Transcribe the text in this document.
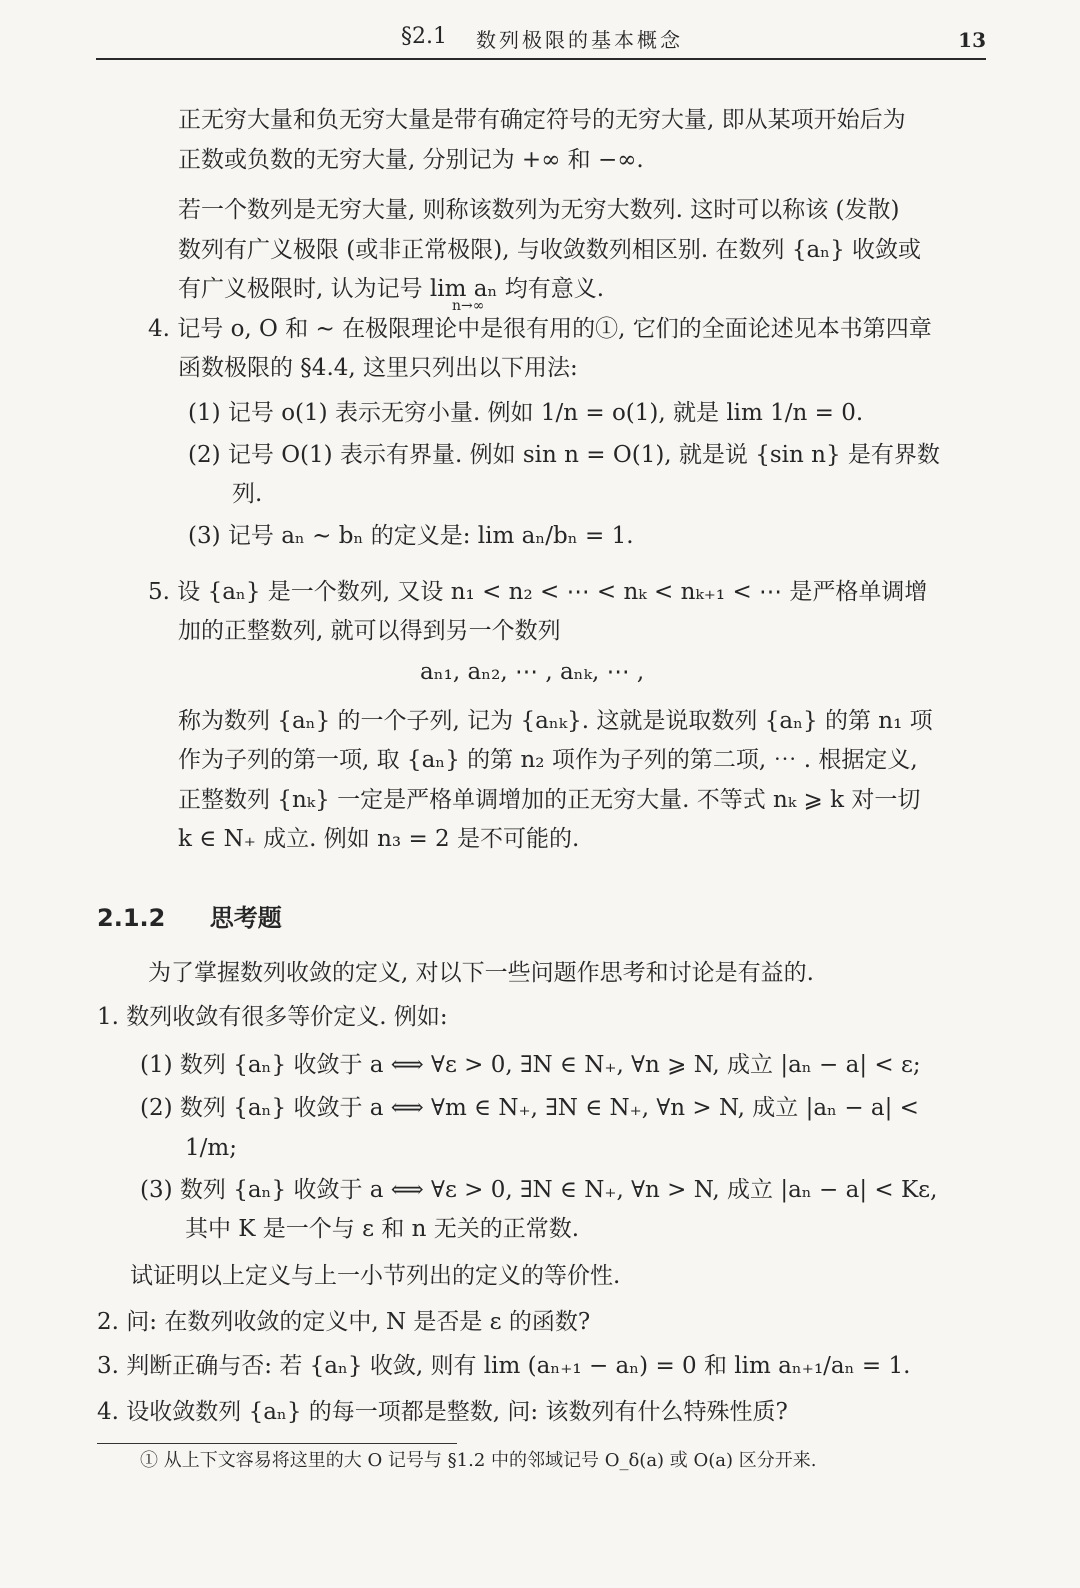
§2.1 数列极限的基本概念	13
正无穷大量和负无穷大量是带有确定符号的无穷大量, 即从某项开始后为
正数或负数的无穷大量, 分别记为 +∞ 和 −∞.
若一个数列是无穷大量, 则称该数列为无穷大数列. 这时可以称该 (发散)
数列有广义极限 (或非正常极限), 与收敛数列相区别. 在数列 {aₙ} 收敛或
有广义极限时, 认为记号 lim aₙ 均有意义.
n→∞
4. 记号 o, O 和 ∼ 在极限理论中是很有用的①, 它们的全面论述见本书第四章
函数极限的 §4.4, 这里只列出以下用法:
(1) 记号 o(1) 表示无穷小量. 例如 1/n = o(1), 就是 lim 1/n = 0.
(2) 记号 O(1) 表示有界量. 例如 sin n = O(1), 就是说 {sin n} 是有界数
列.
(3) 记号 aₙ ∼ bₙ 的定义是: lim aₙ/bₙ = 1.
5. 设 {aₙ} 是一个数列, 又设 n₁ < n₂ < ⋯ < nₖ < nₖ₊₁ < ⋯ 是严格单调增
加的正整数列, 就可以得到另一个数列
aₙ₁, aₙ₂, ⋯ , aₙₖ, ⋯ ,
称为数列 {aₙ} 的一个子列, 记为 {aₙₖ}. 这就是说取数列 {aₙ} 的第 n₁ 项
作为子列的第一项, 取 {aₙ} 的第 n₂ 项作为子列的第二项, ⋯ . 根据定义,
正整数列 {nₖ} 一定是严格单调增加的正无穷大量. 不等式 nₖ ⩾ k 对一切
k ∈ N₊ 成立. 例如 n₃ = 2 是不可能的.
2.1.2 思考题
为了掌握数列收敛的定义, 对以下一些问题作思考和讨论是有益的.
1. 数列收敛有很多等价定义. 例如:
(1) 数列 {aₙ} 收敛于 a ⟺ ∀ε > 0, ∃N ∈ N₊, ∀n ⩾ N, 成立 |aₙ − a| < ε;
(2) 数列 {aₙ} 收敛于 a ⟺ ∀m ∈ N₊, ∃N ∈ N₊, ∀n > N, 成立 |aₙ − a| <
1/m;
(3) 数列 {aₙ} 收敛于 a ⟺ ∀ε > 0, ∃N ∈ N₊, ∀n > N, 成立 |aₙ − a| < Kε,
其中 K 是一个与 ε 和 n 无关的正常数.
试证明以上定义与上一小节列出的定义的等价性.
2. 问: 在数列收敛的定义中, N 是否是 ε 的函数?
3. 判断正确与否: 若 {aₙ} 收敛, 则有 lim (aₙ₊₁ − aₙ) = 0 和 lim aₙ₊₁/aₙ = 1.
4. 设收敛数列 {aₙ} 的每一项都是整数, 问: 该数列有什么特殊性质?
① 从上下文容易将这里的大 O 记号与 §1.2 中的邻域记号 O_δ(a) 或 O(a) 区分开来.
